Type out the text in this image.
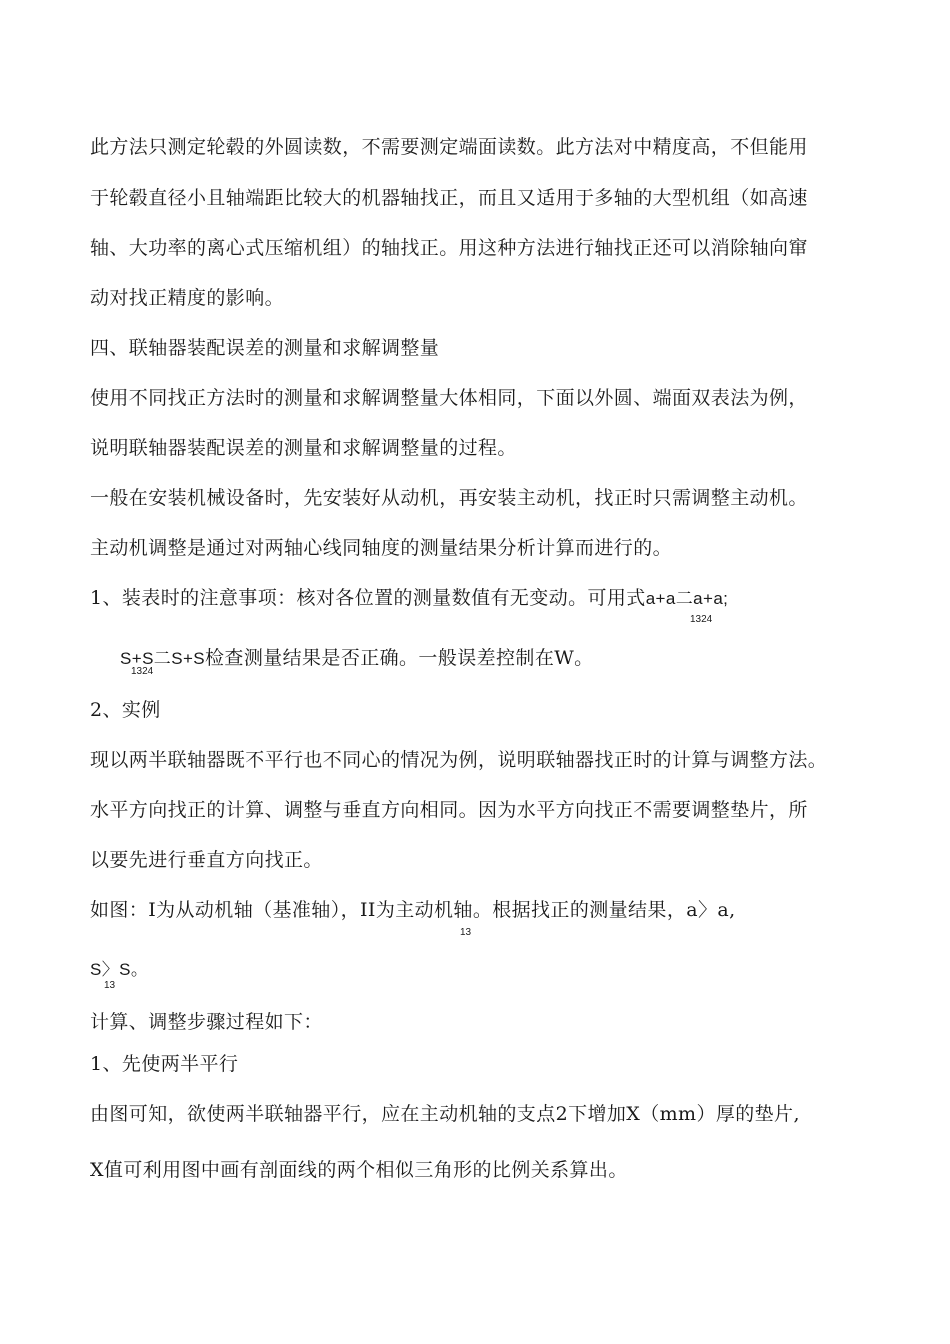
此方法只测定轮毂的外圆读数，不需要测定端面读数。此方法对中精度高，不但能用
于轮毂直径小且轴端距比较大的机器轴找正，而且又适用于多轴的大型机组（如高速
轴、大功率的离心式压缩机组）的轴找正。用这种方法进行轴找正还可以消除轴向窜
动对找正精度的影响。
四、联轴器装配误差的测量和求解调整量
使用不同找正方法时的测量和求解调整量大体相同，下面以外圆、端面双表法为例，
说明联轴器装配误差的测量和求解调整量的过程。
一般在安装机械设备时，先安装好从动机，再安装主动机，找正时只需调整主动机。
主动机调整是通过对两轴心线同轴度的测量结果分析计算而进行的。
1、装表时的注意事项：核对各位置的测量数值有无变动。可用式a+a二a+a;
1324
S+S二S+S检查测量结果是否正确。一般误差控制在W。
1324
2、实例
现以两半联轴器既不平行也不同心的情况为例，说明联轴器找正时的计算与调整方法。
水平方向找正的计算、调整与垂直方向相同。因为水平方向找正不需要调整垫片，所
以要先进行垂直方向找正。
如图：I为从动机轴（基准轴），II为主动机轴。根据找正的测量结果，a〉a,
13
S〉S。
13
计算、调整步骤过程如下：
1、先使两半平行
由图可知，欲使两半联轴器平行，应在主动机轴的支点2下增加X（mm）厚的垫片,
X值可利用图中画有剖面线的两个相似三角形的比例关系算出。
